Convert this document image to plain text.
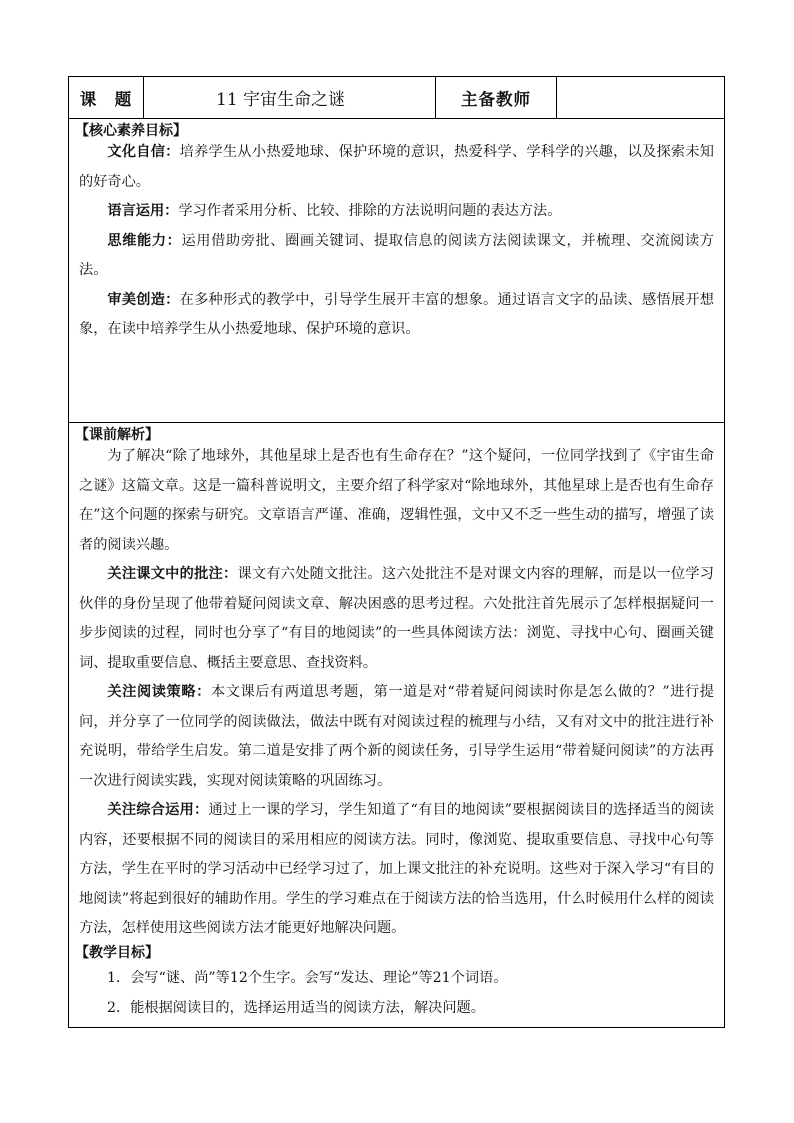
课　题	11 宇宙生命之谜	主备教师
【核心素养目标】

文化自信：培养学生从小热爱地球、保护环境的意识，热爱科学、学科学的兴趣，以及探索未知的好奇心。

语言运用：学习作者采用分析、比较、排除的方法说明问题的表达方法。

思维能力：运用借助旁批、圈画关键词、提取信息的阅读方法阅读课文，并梳理、交流阅读方法。

审美创造：在多种形式的教学中，引导学生展开丰富的想象。通过语言文字的品读、感悟展开想象，在读中培养学生从小热爱地球、保护环境的意识。

【课前解析】

为了解决“除了地球外，其他星球上是否也有生命存在？”这个疑问，一位同学找到了《宇宙生命之谜》这篇文章。这是一篇科普说明文，主要介绍了科学家对“除地球外，其他星球上是否也有生命存在”这个问题的探索与研究。文章语言严谨、准确，逻辑性强，文中又不乏一些生动的描写，增强了读者的阅读兴趣。

关注课文中的批注：课文有六处随文批注。这六处批注不是对课文内容的理解，而是以一位学习伙伴的身份呈现了他带着疑问阅读文章、解决困惑的思考过程。六处批注首先展示了怎样根据疑问一步步阅读的过程，同时也分享了“有目的地阅读”的一些具体阅读方法：浏览、寻找中心句、圈画关键词、提取重要信息、概括主要意思、查找资料。

关注阅读策略：本文课后有两道思考题，第一道是对“带着疑问阅读时你是怎么做的？”进行提问，并分享了一位同学的阅读做法，做法中既有对阅读过程的梳理与小结，又有对文中的批注进行补充说明，带给学生启发。第二道是安排了两个新的阅读任务，引导学生运用“带着疑问阅读”的方法再一次进行阅读实践，实现对阅读策略的巩固练习。

关注综合运用：通过上一课的学习，学生知道了“有目的地阅读”要根据阅读目的选择适当的阅读内容，还要根据不同的阅读目的采用相应的阅读方法。同时，像浏览、提取重要信息、寻找中心句等方法，学生在平时的学习活动中已经学习过了，加上课文批注的补充说明。这些对于深入学习“有目的地阅读”将起到很好的辅助作用。学生的学习难点在于阅读方法的恰当选用，什么时候用什么样的阅读方法，怎样使用这些阅读方法才能更好地解决问题。

【教学目标】

1．会写“谜、尚”等12个生字。会写“发达、理论”等21个词语。

2．能根据阅读目的，选择运用适当的阅读方法，解决问题。
